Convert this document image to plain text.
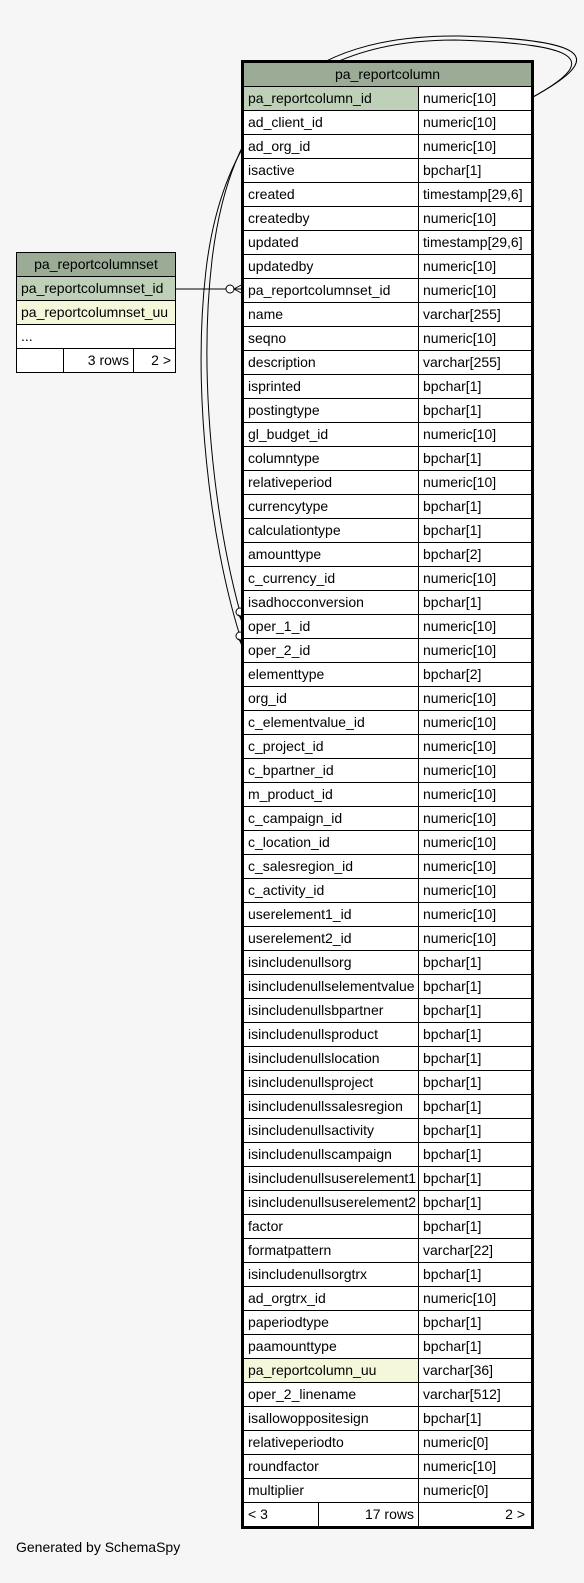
pa_reportcolumnset
pa_reportcolumnset_id
pa_reportcolumnset_uu
...
3 rows	2 >
pa_reportcolumn
pa_reportcolumn_id	numeric[10]
ad_client_id	numeric[10]
ad_org_id	numeric[10]
isactive	bpchar[1]
created	timestamp[29,6]
createdby	numeric[10]
updated	timestamp[29,6]
updatedby	numeric[10]
pa_reportcolumnset_id	numeric[10]
name	varchar[255]
seqno	numeric[10]
description	varchar[255]
isprinted	bpchar[1]
postingtype	bpchar[1]
gl_budget_id	numeric[10]
columntype	bpchar[1]
relativeperiod	numeric[10]
currencytype	bpchar[1]
calculationtype	bpchar[1]
amounttype	bpchar[2]
c_currency_id	numeric[10]
isadhocconversion	bpchar[1]
oper_1_id	numeric[10]
oper_2_id	numeric[10]
elementtype	bpchar[2]
org_id	numeric[10]
c_elementvalue_id	numeric[10]
c_project_id	numeric[10]
c_bpartner_id	numeric[10]
m_product_id	numeric[10]
c_campaign_id	numeric[10]
c_location_id	numeric[10]
c_salesregion_id	numeric[10]
c_activity_id	numeric[10]
userelement1_id	numeric[10]
userelement2_id	numeric[10]
isincludenullsorg	bpchar[1]
isincludenullselementvalue bpchar[1]
isincludenullsbpartner	bpchar[1]
isincludenullsproduct	bpchar[1]
isincludenullslocation	bpchar[1]
isincludenullsproject	bpchar[1]
isincludenullssalesregion	bpchar[1]
isincludenullsactivity	bpchar[1]
isincludenullscampaign	bpchar[1]
isincludenullsuserelement1 bpchar[1]
isincludenullsuserelement2 bpchar[1]
factor	bpchar[1]
formatpattern	varchar[22]
isincludenullsorgtrx	bpchar[1]
ad_orgtrx_id	numeric[10]
paperiodtype	bpchar[1]
paamounttype	bpchar[1]
pa_reportcolumn_uu	varchar[36]
oper_2_linename	varchar[512]
isallowoppositesign	bpchar[1]
relativeperiodto	numeric[0]
roundfactor	numeric[10]
multiplier	numeric[0]
< 3	17 rows	2 >
Generated by SchemaSpy
